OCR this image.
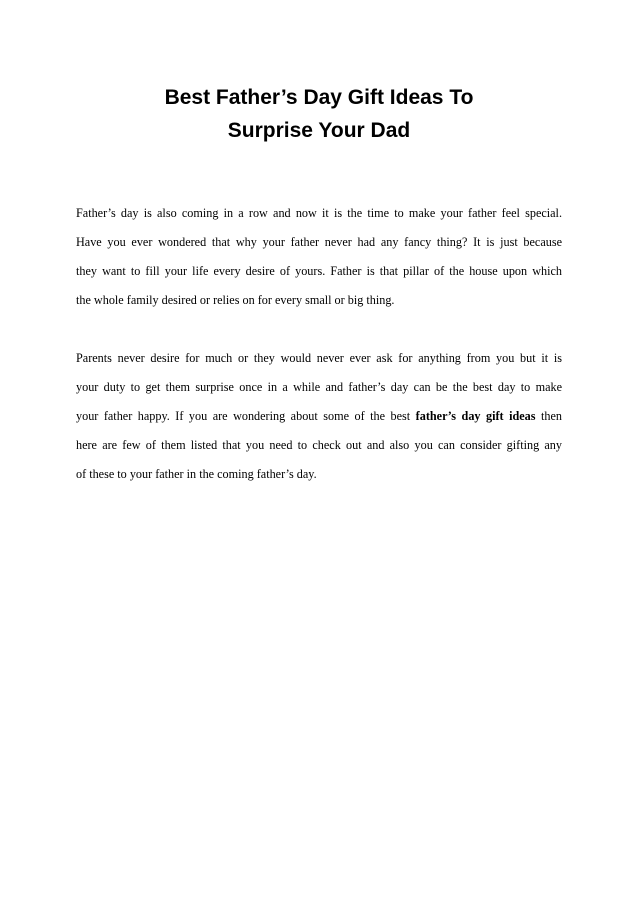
Best Father’s Day Gift Ideas To
Surprise Your Dad

Father’s day is also coming in a row and now it is the time to make your father feel special.
Have you ever wondered that why your father never had any fancy thing? It is just because
they want to fill your life every desire of yours. Father is that pillar of the house upon which
the whole family desired or relies on for every small or big thing.

Parents never desire for much or they would never ever ask for anything from you but it is
your duty to get them surprise once in a while and father’s day can be the best day to make
your father happy. If you are wondering about some of the best father’s day gift ideas then
here are few of them listed that you need to check out and also you can consider gifting any
of these to your father in the coming father’s day.
